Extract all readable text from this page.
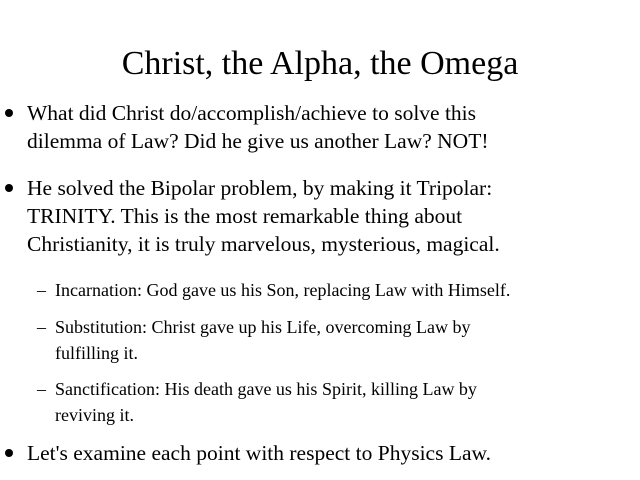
Christ, the Alpha, the Omega
What did Christ do/accomplish/achieve to solve this
dilemma of Law? Did he give us another Law? NOT!
He solved the Bipolar problem, by making it Tripolar:
TRINITY. This is the most remarkable thing about
Christianity, it is truly marvelous, mysterious, magical.
– Incarnation: God gave us his Son, replacing Law with Himself.
– Substitution: Christ gave up his Life, overcoming Law by
fulfilling it.
– Sanctification: His death gave us his Spirit, killing Law by
reviving it.
Let's examine each point with respect to Physics Law.
